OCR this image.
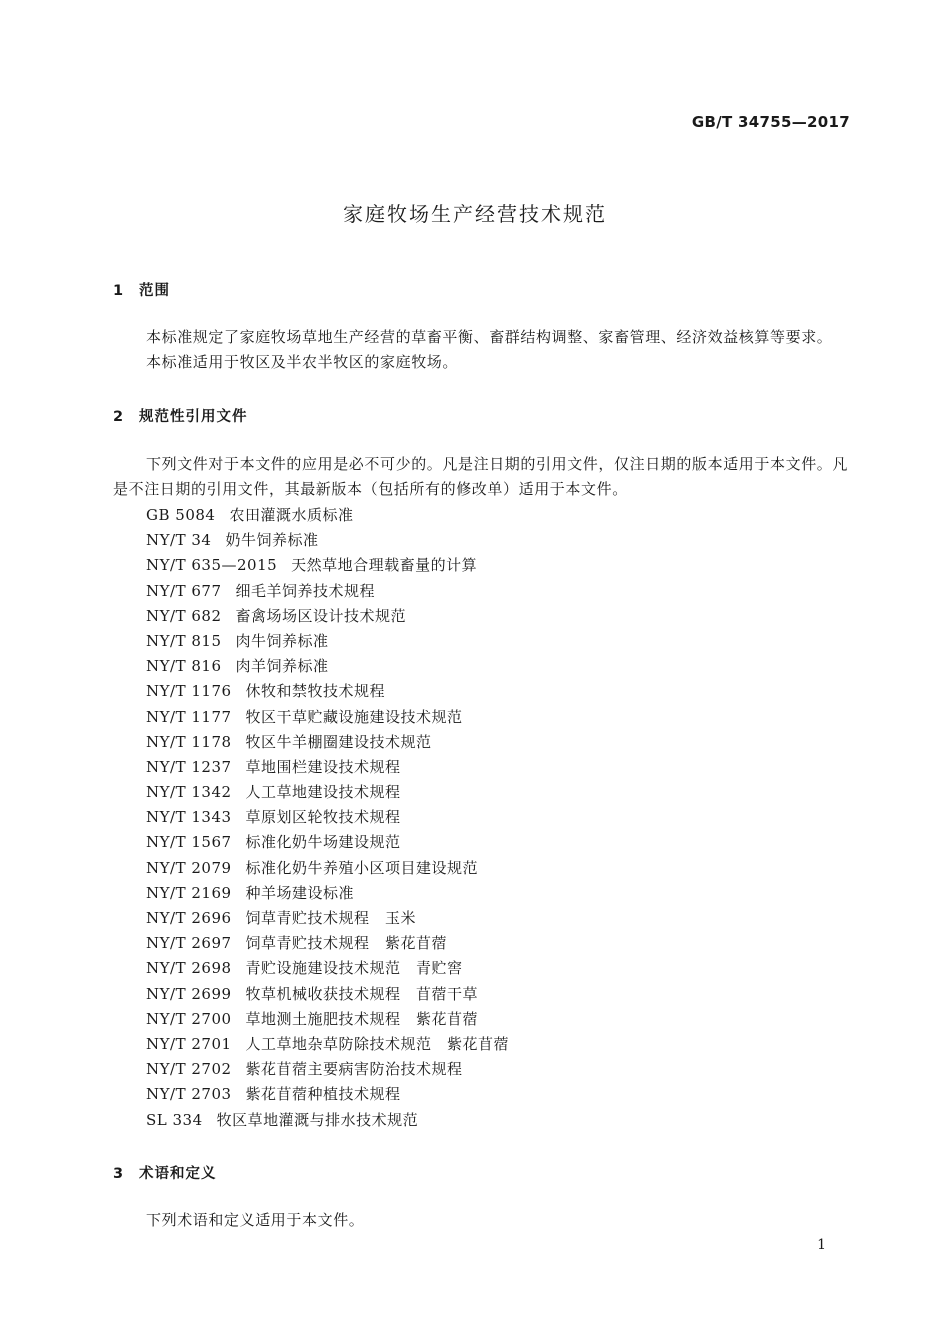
GB/T 34755—2017
家庭牧场生产经营技术规范
1 范围
本标准规定了家庭牧场草地生产经营的草畜平衡、畜群结构调整、家畜管理、经济效益核算等要求。
本标准适用于牧区及半农半牧区的家庭牧场。
2 规范性引用文件
下列文件对于本文件的应用是必不可少的。凡是注日期的引用文件，仅注日期的版本适用于本文件。凡是不注日期的引用文件，其最新版本（包括所有的修改单）适用于本文件。
GB 5084 农田灌溉水质标准
NY/T 34 奶牛饲养标准
NY/T 635—2015 天然草地合理载畜量的计算
NY/T 677 细毛羊饲养技术规程
NY/T 682 畜禽场场区设计技术规范
NY/T 815 肉牛饲养标准
NY/T 816 肉羊饲养标准
NY/T 1176 休牧和禁牧技术规程
NY/T 1177 牧区干草贮藏设施建设技术规范
NY/T 1178 牧区牛羊棚圈建设技术规范
NY/T 1237 草地围栏建设技术规程
NY/T 1342 人工草地建设技术规程
NY/T 1343 草原划区轮牧技术规程
NY/T 1567 标准化奶牛场建设规范
NY/T 2079 标准化奶牛养殖小区项目建设规范
NY/T 2169 种羊场建设标准
NY/T 2696 饲草青贮技术规程　玉米
NY/T 2697 饲草青贮技术规程　紫花苜蓿
NY/T 2698 青贮设施建设技术规范　青贮窖
NY/T 2699 牧草机械收获技术规程　苜蓿干草
NY/T 2700 草地测土施肥技术规程　紫花苜蓿
NY/T 2701 人工草地杂草防除技术规范　紫花苜蓿
NY/T 2702 紫花苜蓿主要病害防治技术规程
NY/T 2703 紫花苜蓿种植技术规程
SL 334 牧区草地灌溉与排水技术规范
3 术语和定义
下列术语和定义适用于本文件。
1
